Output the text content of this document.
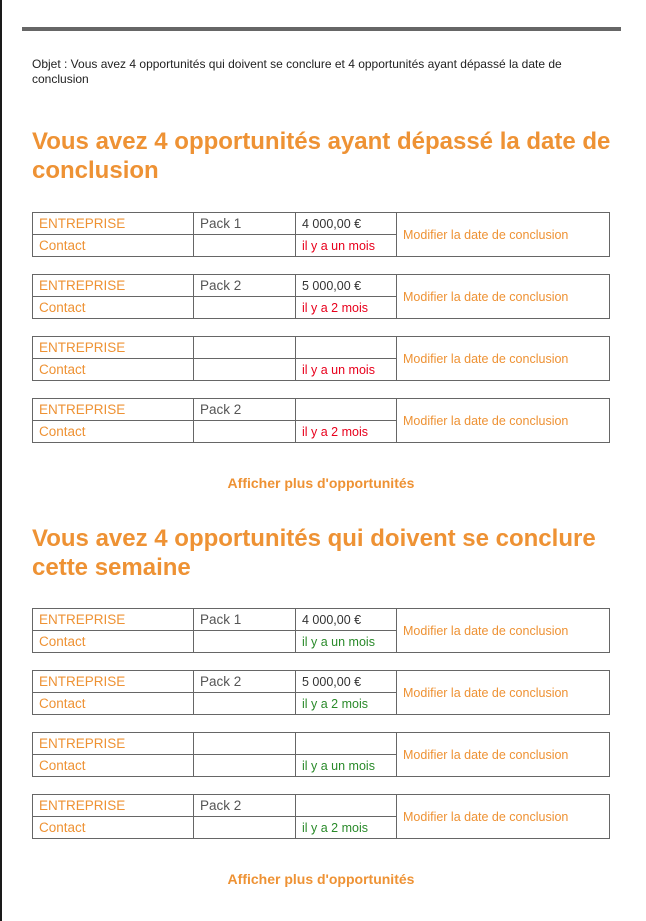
Objet : Vous avez 4 opportunités qui doivent se conclure et 4 opportunités ayant dépassé la date de conclusion
Vous avez 4 opportunités ayant dépassé la date de conclusion
ENTREPRISE	Pack 1	4 000,00 €	Modifier la date de conclusion
Contact		il y a un mois	
ENTREPRISE	Pack 2	5 000,00 €	Modifier la date de conclusion
Contact		il y a 2 mois	
ENTREPRISE			Modifier la date de conclusion
Contact		il y a un mois	
ENTREPRISE	Pack 2		Modifier la date de conclusion
Contact		il y a 2 mois	
Afficher plus d'opportunités
Vous avez 4 opportunités qui doivent se conclure cette semaine
ENTREPRISE	Pack 1	4 000,00 €	Modifier la date de conclusion
Contact		il y a un mois	
ENTREPRISE	Pack 2	5 000,00 €	Modifier la date de conclusion
Contact		il y a 2 mois	
ENTREPRISE			Modifier la date de conclusion
Contact		il y a un mois	
ENTREPRISE	Pack 2		Modifier la date de conclusion
Contact		il y a 2 mois	
Afficher plus d'opportunités
